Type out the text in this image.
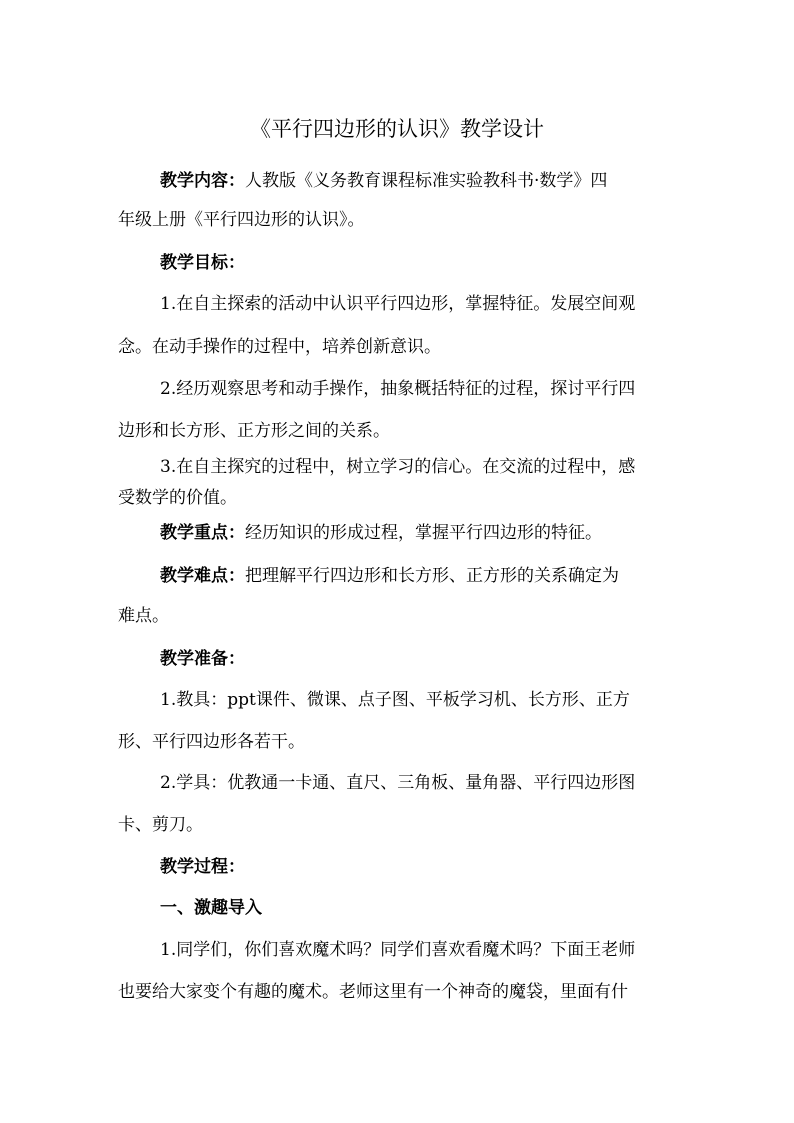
《平行四边形的认识》教学设计
教学内容：人教版《义务教育课程标准实验教科书·数学》四
年级上册《平行四边形的认识》。
教学目标：
1.在自主探索的活动中认识平行四边形，掌握特征。发展空间观
念。在动手操作的过程中，培养创新意识。
2.经历观察思考和动手操作，抽象概括特征的过程，探讨平行四
边形和长方形、正方形之间的关系。
3.在自主探究的过程中，树立学习的信心。在交流的过程中，感
受数学的价值。
教学重点：经历知识的形成过程，掌握平行四边形的特征。
教学难点：把理解平行四边形和长方形、正方形的关系确定为
难点。
教学准备：
1.教具：ppt课件、微课、点子图、平板学习机、长方形、正方
形、平行四边形各若干。
2.学具：优教通一卡通、直尺、三角板、量角器、平行四边形图
卡、剪刀。
教学过程：
一、激趣导入
1.同学们，你们喜欢魔术吗？同学们喜欢看魔术吗？下面王老师
也要给大家变个有趣的魔术。老师这里有一个神奇的魔袋，里面有什
